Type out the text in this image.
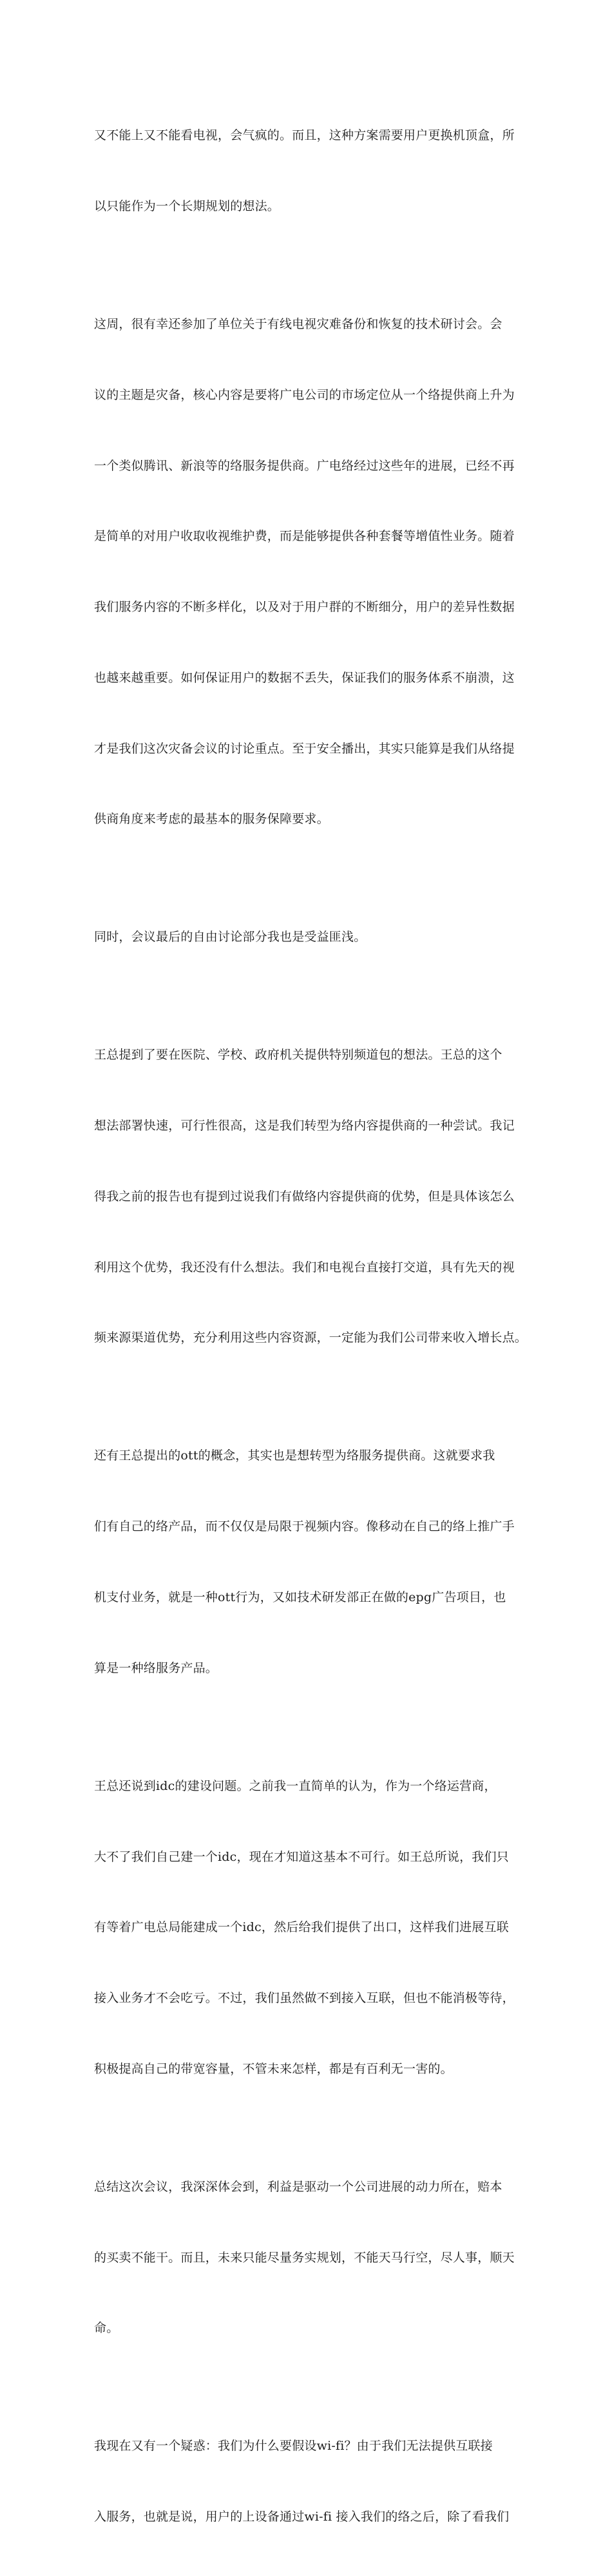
又不能上又不能看电视，会气疯的。而且，这种方案需要用户更换机顶盒，所

以只能作为一个长期规划的想法。

这周，很有幸还参加了单位关于有线电视灾难备份和恢复的技术研讨会。会

议的主题是灾备，核心内容是要将广电公司的市场定位从一个络提供商上升为

一个类似腾讯、新浪等的络服务提供商。广电络经过这些年的进展，已经不再

是简单的对用户收取收视维护费，而是能够提供各种套餐等增值性业务。随着

我们服务内容的不断多样化，以及对于用户群的不断细分，用户的差异性数据

也越来越重要。如何保证用户的数据不丢失，保证我们的服务体系不崩溃，这

才是我们这次灾备会议的讨论重点。至于安全播出，其实只能算是我们从络提

供商角度来考虑的最基本的服务保障要求。

同时，会议最后的自由讨论部分我也是受益匪浅。

王总提到了要在医院、学校、政府机关提供特别频道包的想法。王总的这个

想法部署快速，可行性很高，这是我们转型为络内容提供商的一种尝试。我记

得我之前的报告也有提到过说我们有做络内容提供商的优势，但是具体该怎么

利用这个优势，我还没有什么想法。我们和电视台直接打交道，具有先天的视

频来源渠道优势，充分利用这些内容资源，一定能为我们公司带来收入增长点。

还有王总提出的ott的概念，其实也是想转型为络服务提供商。这就要求我

们有自己的络产品，而不仅仅是局限于视频内容。像移动在自己的络上推广手

机支付业务，就是一种ott行为，又如技术研发部正在做的epg广告项目，也

算是一种络服务产品。

王总还说到idc的建设问题。之前我一直简单的认为，作为一个络运营商，

大不了我们自己建一个idc，现在才知道这基本不可行。如王总所说，我们只

有等着广电总局能建成一个idc，然后给我们提供了出口，这样我们进展互联

接入业务才不会吃亏。不过，我们虽然做不到接入互联，但也不能消极等待，

积极提高自己的带宽容量，不管未来怎样，都是有百利无一害的。

总结这次会议，我深深体会到，利益是驱动一个公司进展的动力所在，赔本

的买卖不能干。而且，未来只能尽量务实规划，不能天马行空，尽人事，顺天

命。

我现在又有一个疑惑：我们为什么要假设wi-fi？由于我们无法提供互联接

入服务，也就是说，用户的上设备通过wi-fi 接入我们的络之后，除了看我们
